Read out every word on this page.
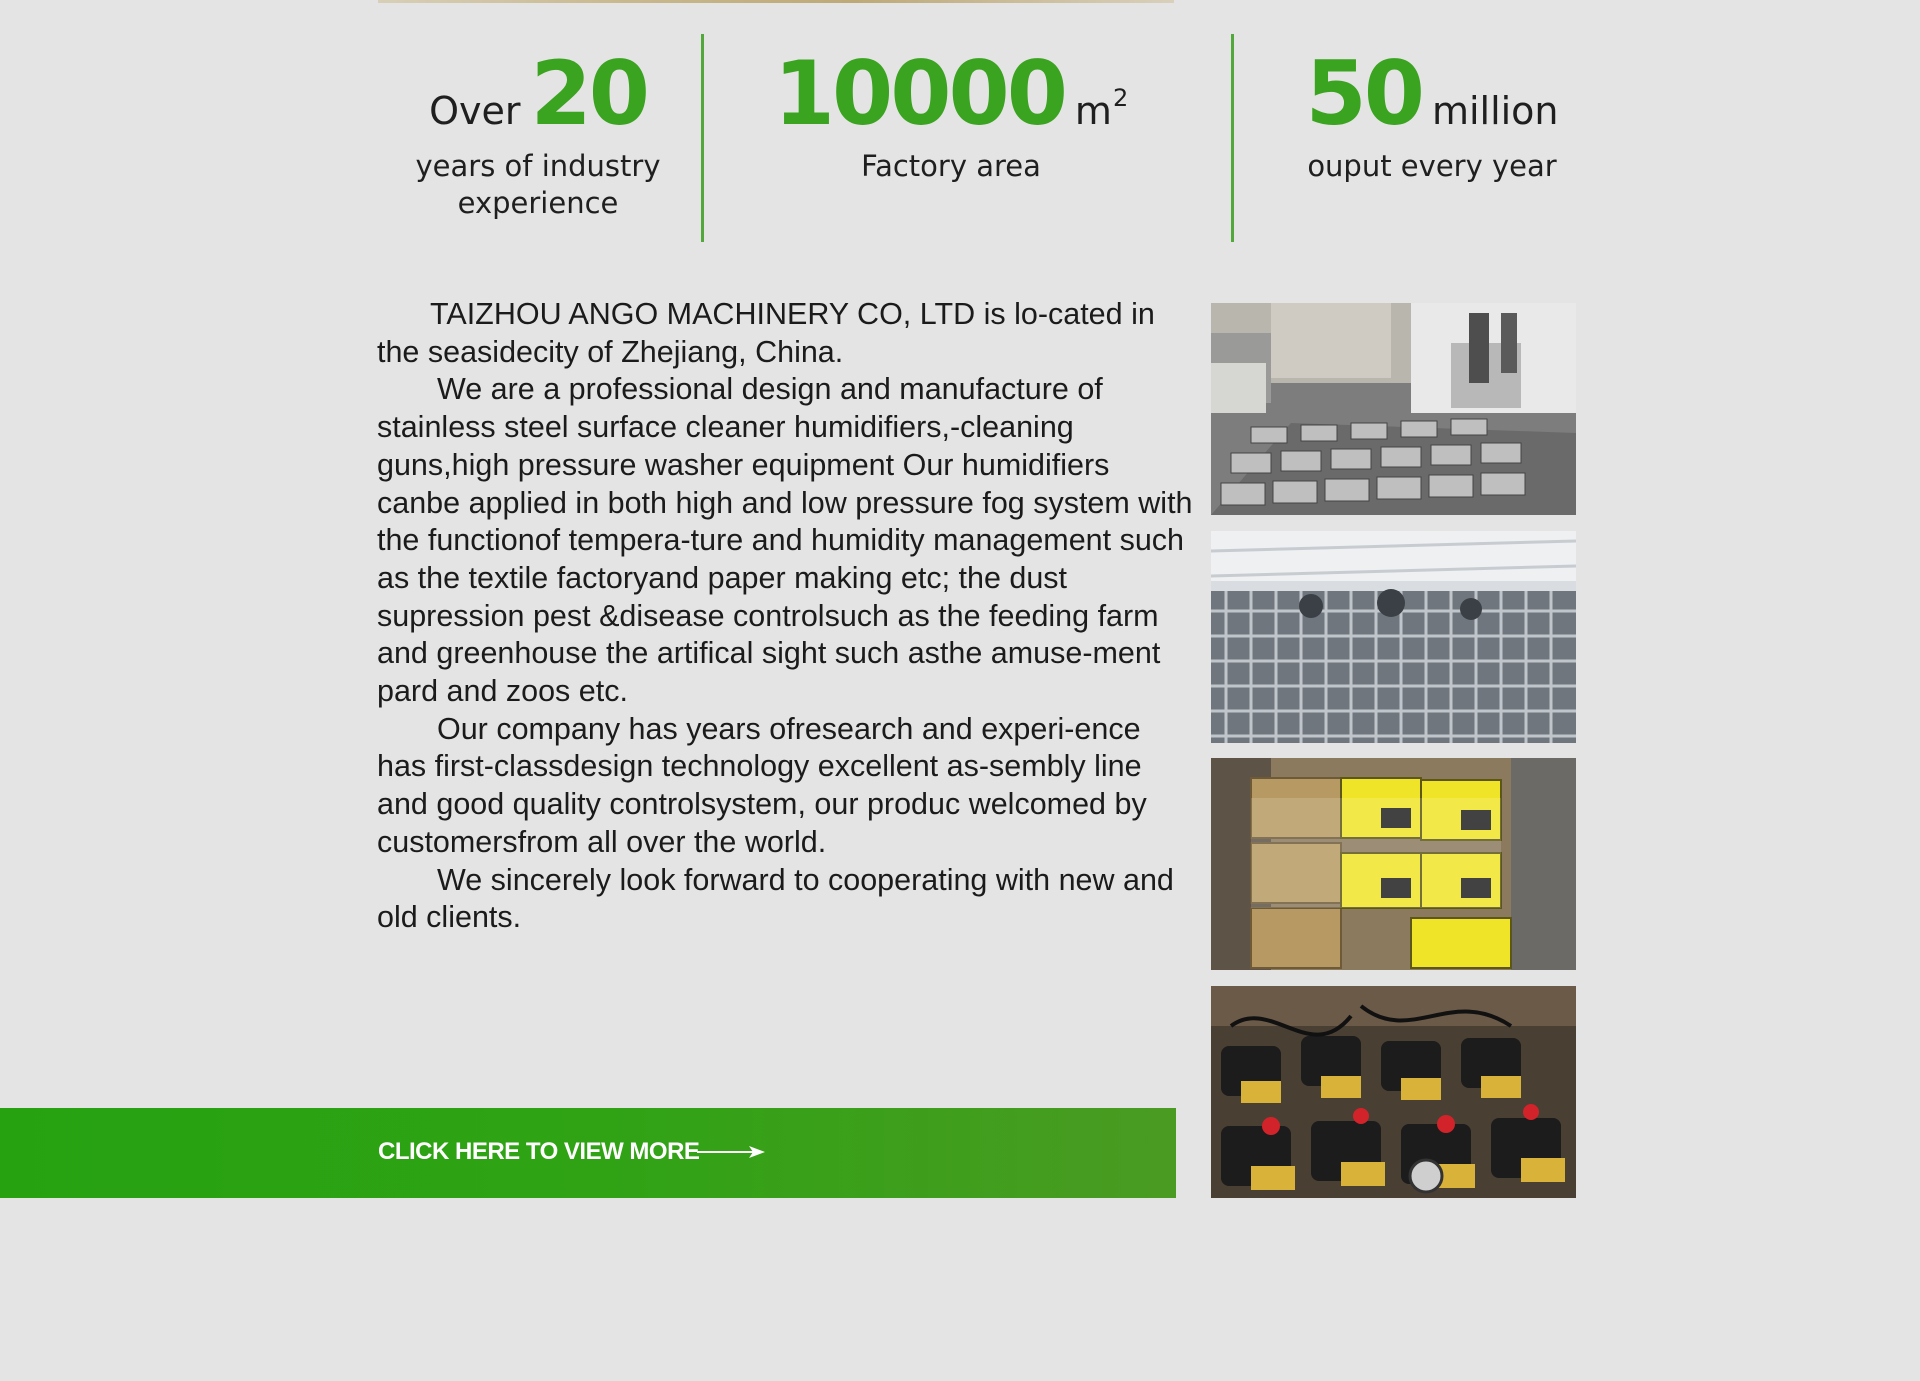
Over 20
years of industry
experience
10000 $m^2$
Factory area
50 million
ouput every year

TAIZHOU ANGO MACHINERY CO, LTD is lo-cated in the seasidecity of Zhejiang, China.

We are a professional design and manufacture of stainless steel surface cleaner humidifiers,-cleaning guns,high pressure washer equipment Our humidifiers canbe applied in both high and low pressure fog system with the functionof tempera-ture and humidity management such as the textile factoryand paper making etc; the dust supression pest &disease controlsuch as the feeding farm and greenhouse the artifical sight such asthe amuse-ment pard and zoos etc.

Our company has years ofresearch and experi-ence has first-classdesign technology excellent as-sembly line and good quality controlsystem, our produc welcomed by customersfrom all over the world.

We sincerely look forward to cooperating with new and old clients.

CLICK HERE TO VIEW MORE
